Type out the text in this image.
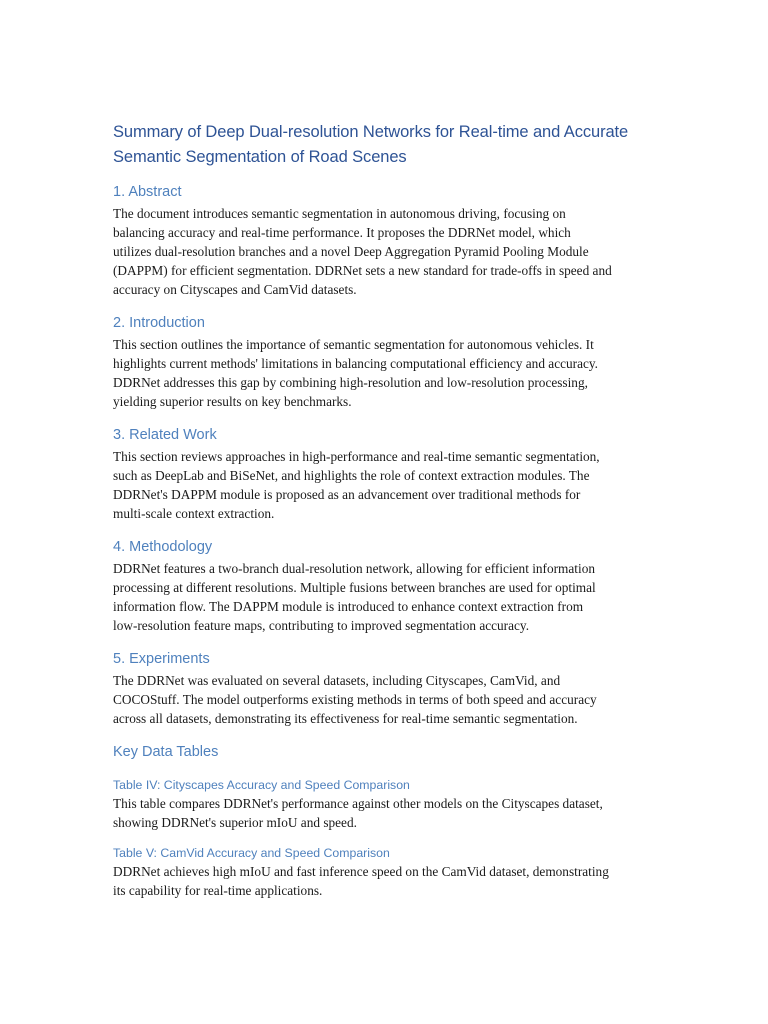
Summary of Deep Dual-resolution Networks for Real-time and Accurate
Semantic Segmentation of Road Scenes
1. Abstract

The document introduces semantic segmentation in autonomous driving, focusing on
balancing accuracy and real-time performance. It proposes the DDRNet model, which
utilizes dual-resolution branches and a novel Deep Aggregation Pyramid Pooling Module
(DAPPM) for efficient segmentation. DDRNet sets a new standard for trade-offs in speed and
accuracy on Cityscapes and CamVid datasets.

2. Introduction

This section outlines the importance of semantic segmentation for autonomous vehicles. It
highlights current methods' limitations in balancing computational efficiency and accuracy.
DDRNet addresses this gap by combining high-resolution and low-resolution processing,
yielding superior results on key benchmarks.

3. Related Work

This section reviews approaches in high-performance and real-time semantic segmentation,
such as DeepLab and BiSeNet, and highlights the role of context extraction modules. The
DDRNet's DAPPM module is proposed as an advancement over traditional methods for
multi-scale context extraction.

4. Methodology

DDRNet features a two-branch dual-resolution network, allowing for efficient information
processing at different resolutions. Multiple fusions between branches are used for optimal
information flow. The DAPPM module is introduced to enhance context extraction from
low-resolution feature maps, contributing to improved segmentation accuracy.

5. Experiments

The DDRNet was evaluated on several datasets, including Cityscapes, CamVid, and
COCOStuff. The model outperforms existing methods in terms of both speed and accuracy
across all datasets, demonstrating its effectiveness for real-time semantic segmentation.

Key Data Tables
Table IV: Cityscapes Accuracy and Speed Comparison

This table compares DDRNet's performance against other models on the Cityscapes dataset,
showing DDRNet's superior mIoU and speed.

Table V: CamVid Accuracy and Speed Comparison

DDRNet achieves high mIoU and fast inference speed on the CamVid dataset, demonstrating
its capability for real-time applications.
